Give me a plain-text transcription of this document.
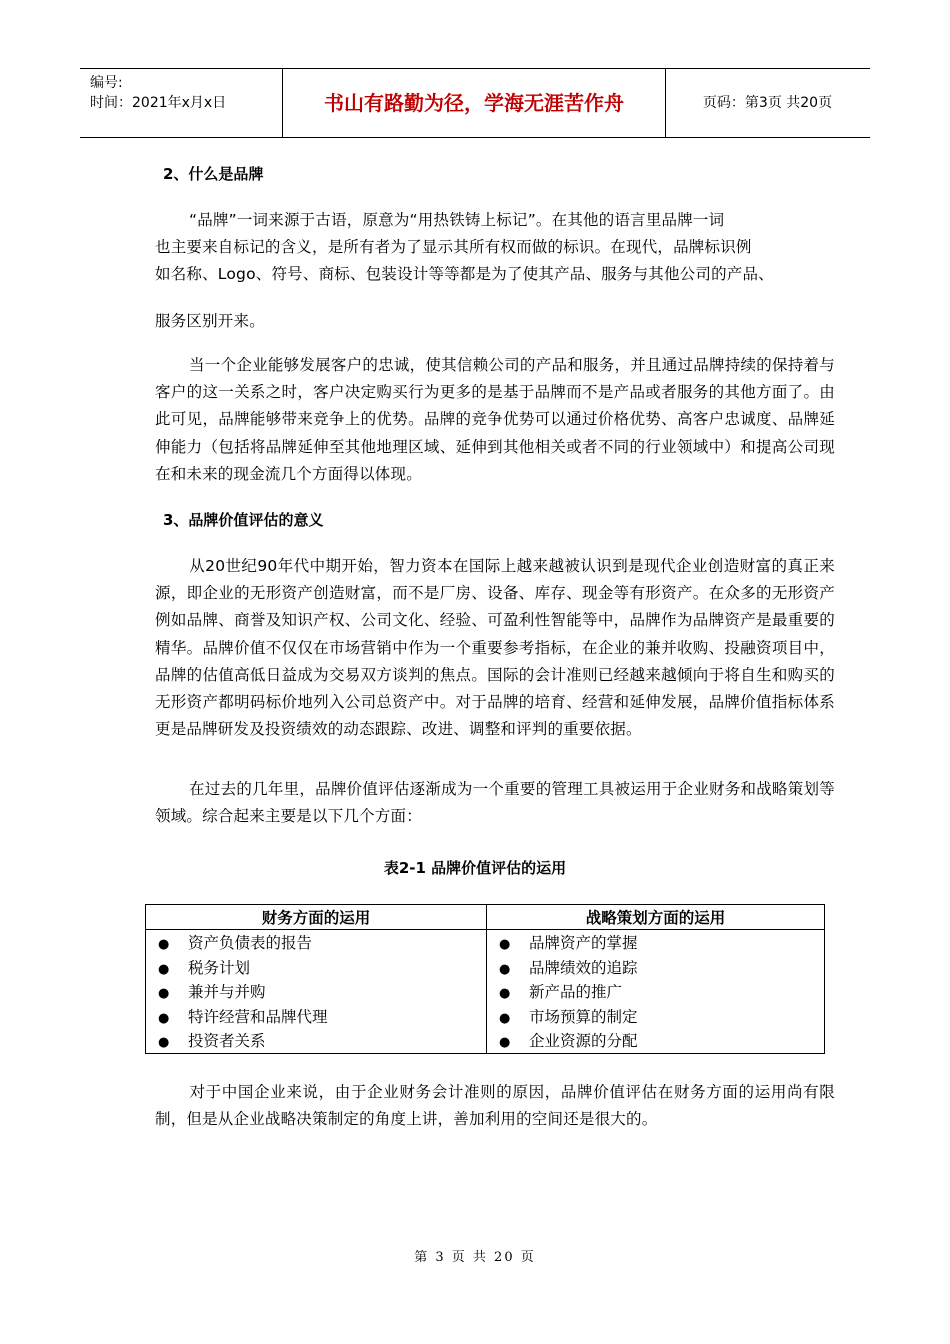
编号:
时间：2021年x月x日	书山有路勤为径，学海无涯苦作舟	页码：第3页 共20页
2、什么是品牌
“品牌”一词来源于古语，原意为“用热铁铸上标记”。在其他的语言里品牌一词
也主要来自标记的含义，是所有者为了显示其所有权而做的标识。在现代，品牌标识例
如名称、Logo、符号、商标、包装设计等等都是为了使其产品、服务与其他公司的产品、
服务区别开来。
当一个企业能够发展客户的忠诚，使其信赖公司的产品和服务，并且通过品牌持续的保持着与客户的这一关系之时，客户决定购买行为更多的是基于品牌而不是产品或者服务的其他方面了。由此可见，品牌能够带来竞争上的优势。品牌的竞争优势可以通过价格优势、高客户忠诚度、品牌延伸能力（包括将品牌延伸至其他地理区域、延伸到其他相关或者不同的行业领域中）和提高公司现在和未来的现金流几个方面得以体现。
3、品牌价值评估的意义
从20世纪90年代中期开始，智力资本在国际上越来越被认识到是现代企业创造财富的真正来源，即企业的无形资产创造财富，而不是厂房、设备、库存、现金等有形资产。在众多的无形资产例如品牌、商誉及知识产权、公司文化、经验、可盈利性智能等中，品牌作为品牌资产是最重要的精华。品牌价值不仅仅在市场营销中作为一个重要参考指标，在企业的兼并收购、投融资项目中，品牌的估值高低日益成为交易双方谈判的焦点。国际的会计准则已经越来越倾向于将自生和购买的无形资产都明码标价地列入公司总资产中。对于品牌的培育、经营和延伸发展，品牌价值指标体系更是品牌研发及投资绩效的动态跟踪、改进、调整和评判的重要依据。
在过去的几年里，品牌价值评估逐渐成为一个重要的管理工具被运用于企业财务和战略策划等领域。综合起来主要是以下几个方面：
表2-1 品牌价值评估的运用
财务方面的运用	战略策划方面的运用
● 资产负债表的报告	● 品牌资产的掌握
● 税务计划	● 品牌绩效的追踪
● 兼并与并购	● 新产品的推广
● 特许经营和品牌代理	● 市场预算的制定
● 投资者关系	● 企业资源的分配
对于中国企业来说，由于企业财务会计准则的原因，品牌价值评估在财务方面的运用尚有限制，但是从企业战略决策制定的角度上讲，善加利用的空间还是很大的。
第 3 页 共 20 页
